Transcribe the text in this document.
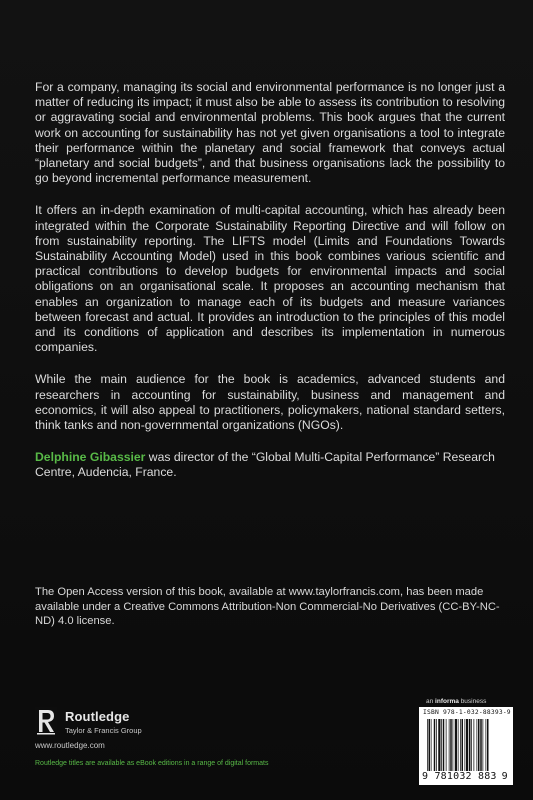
For a company, managing its social and environmental performance is no longer just a matter of reducing its impact; it must also be able to assess its contribution to resolving or aggravating social and environmental problems. This book argues that the current work on accounting for sustainability has not yet given organisations a tool to integrate their performance within the planetary and social framework that conveys actual “planetary and social budgets”, and that business organisations lack the possibility to go beyond incremental performance measurement.

It offers an in-depth examination of multi-capital accounting, which has already been integrated within the Corporate Sustainability Reporting Directive and will follow on from sustainability reporting. The LIFTS model (Limits and Foundations Towards Sustainability Accounting Model) used in this book combines various scientific and practical contributions to develop budgets for environmental impacts and social obligations on an organisational scale. It proposes an accounting mechanism that enables an organization to manage each of its budgets and measure variances between forecast and actual. It provides an introduction to the principles of this model and its conditions of application and describes its implementation in numerous companies.

While the main audience for the book is academics, advanced students and researchers in accounting for sustainability, business and management and economics, it will also appeal to practitioners, policymakers, national standard setters, think tanks and non-governmental organizations (NGOs).

Delphine Gibassier was director of the “Global Multi-Capital Performance” Research Centre, Audencia, France.

The Open Access version of this book, available at www.taylorfrancis.com, has been made available under a Creative Commons Attribution-Non Commercial-No Derivatives (CC-BY-NC-ND) 4.0 license.
Routledge
Taylor & Francis Group
www.routledge.com
Routledge titles are available as eBook editions in a range of digital formats
an informa business
ISBN 978-1-032-88393-9
9 781032 883 9
